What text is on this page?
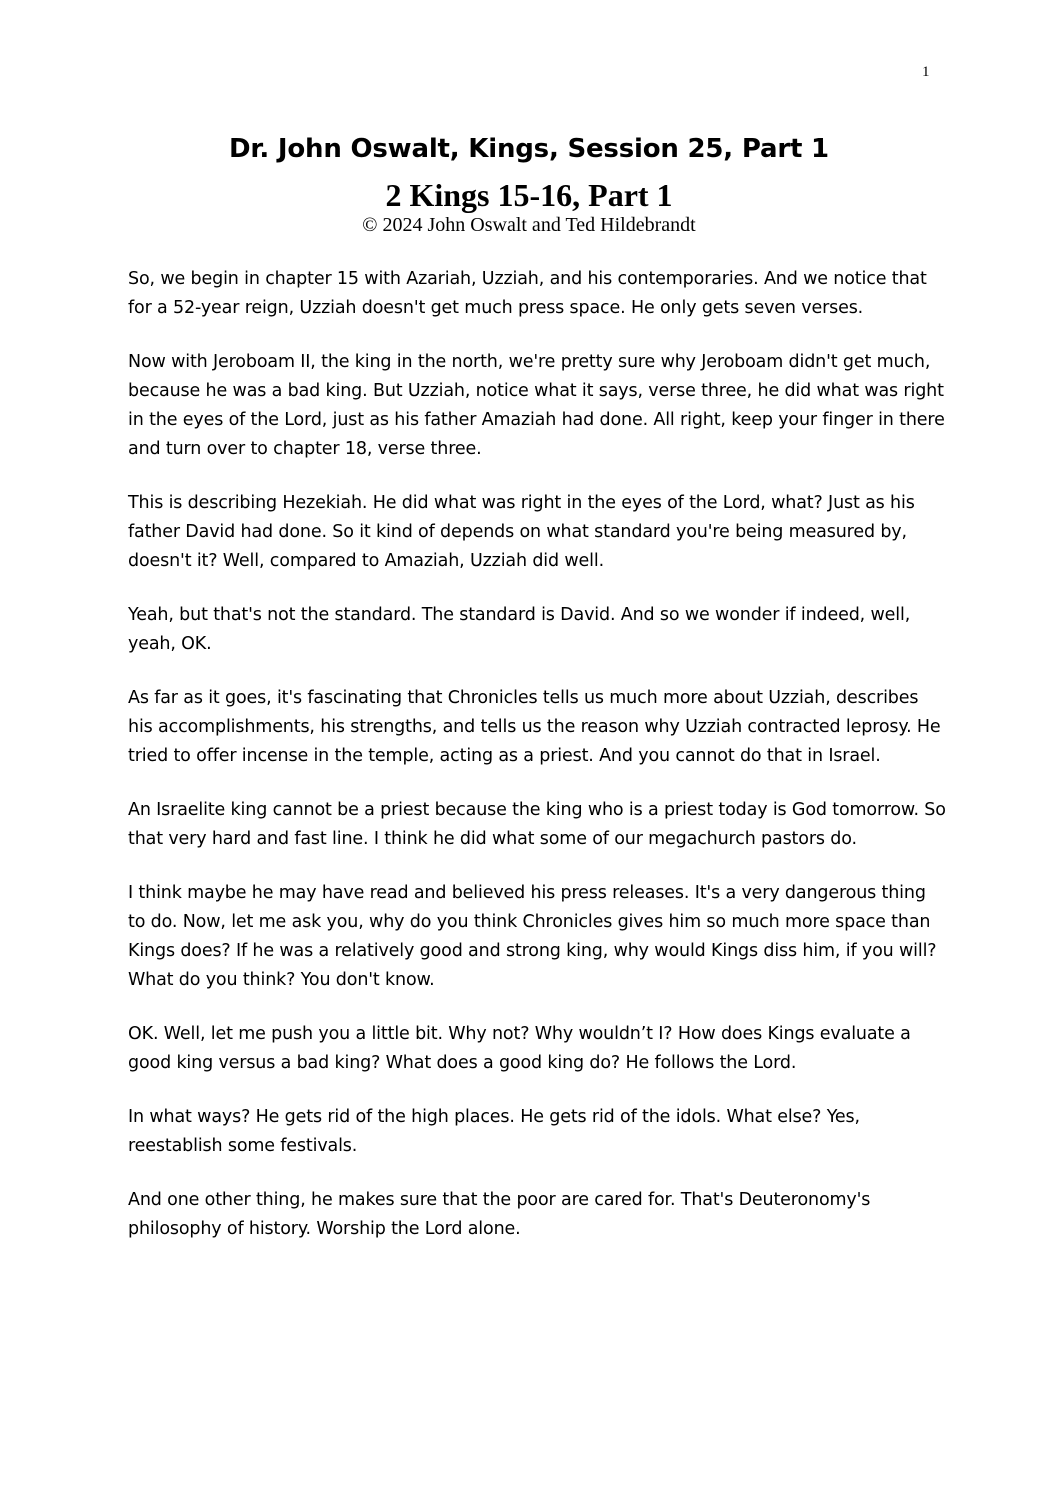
1
Dr. John Oswalt, Kings, Session 25, Part 1
2 Kings 15-16, Part 1
© 2024 John Oswalt and Ted Hildebrandt

So, we begin in chapter 15 with Azariah, Uzziah, and his contemporaries. And we notice that for a 52-year reign, Uzziah doesn't get much press space. He only gets seven verses.

Now with Jeroboam II, the king in the north, we're pretty sure why Jeroboam didn't get much, because he was a bad king. But Uzziah, notice what it says, verse three, he did what was right in the eyes of the Lord, just as his father Amaziah had done. All right, keep your finger in there and turn over to chapter 18, verse three.

This is describing Hezekiah. He did what was right in the eyes of the Lord, what? Just as his father David had done. So it kind of depends on what standard you're being measured by, doesn't it? Well, compared to Amaziah, Uzziah did well.

Yeah, but that's not the standard. The standard is David. And so we wonder if indeed, well, yeah, OK.

As far as it goes, it's fascinating that Chronicles tells us much more about Uzziah, describes his accomplishments, his strengths, and tells us the reason why Uzziah contracted leprosy. He tried to offer incense in the temple, acting as a priest. And you cannot do that in Israel.

An Israelite king cannot be a priest because the king who is a priest today is God tomorrow. So that very hard and fast line. I think he did what some of our megachurch pastors do.

I think maybe he may have read and believed his press releases. It's a very dangerous thing to do. Now, let me ask you, why do you think Chronicles gives him so much more space than Kings does? If he was a relatively good and strong king, why would Kings diss him, if you will? What do you think? You don't know.

OK. Well, let me push you a little bit. Why not? Why wouldn’t I? How does Kings evaluate a good king versus a bad king? What does a good king do? He follows the Lord.

In what ways? He gets rid of the high places. He gets rid of the idols. What else? Yes, reestablish some festivals.

And one other thing, he makes sure that the poor are cared for. That's Deuteronomy's philosophy of history. Worship the Lord alone.
